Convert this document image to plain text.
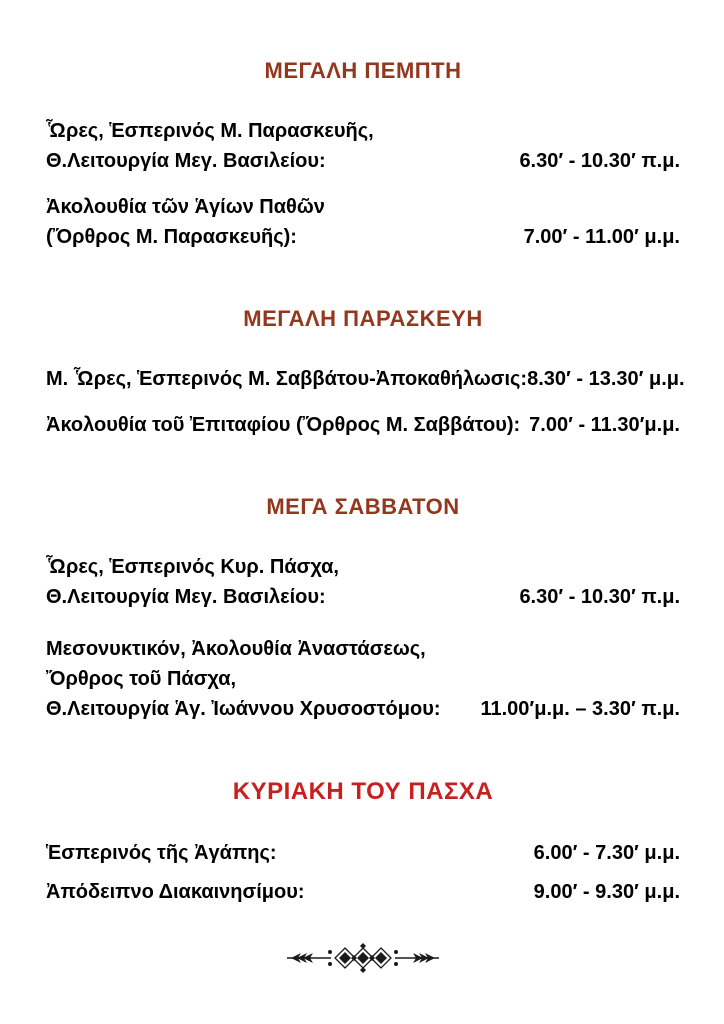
ΜΕΓΑΛΗ ΠΕΜΠΤΗ
Ὧρες, Ἑσπερινός Μ. Παρασκευῆς,
Θ.Λειτουργία Μεγ. Βασιλείου:	6.30′ - 10.30′ π.μ.
Ἀκολουθία τῶν Ἁγίων Παθῶν
(Ὄρθρος Μ. Παρασκευῆς):	7.00′ - 11.00′ μ.μ.
ΜΕΓΑΛΗ ΠΑΡΑΣΚΕΥΗ
Μ. Ὧρες, Ἑσπερινός Μ. Σαββάτου-Ἀποκαθήλωσις: 8.30′ - 13.30′ μ.μ.
Ἀκολουθία τοῦ Ἐπιταφίου (Ὄρθρος Μ. Σαββάτου): 7.00′ - 11.30′μ.μ.
ΜΕΓΑ ΣΑΒΒΑΤΟΝ
Ὧρες, Ἑσπερινός Κυρ. Πάσχα,
Θ.Λειτουργία Μεγ. Βασιλείου:	6.30′ - 10.30′ π.μ.
Μεσονυκτικόν, Ἀκολουθία Ἀναστάσεως,
Ὄρθρος τοῦ Πάσχα,
Θ.Λειτουργία Ἁγ. Ἰωάννου Χρυσοστόμου: 11.00′μ.μ. – 3.30′ π.μ.
ΚΥΡΙΑΚΗ ΤΟΥ ΠΑΣΧΑ
Ἑσπερινός τῆς Ἀγάπης:	6.00′ - 7.30′ μ.μ.
Ἀπόδειπνο Διακαινησίμου:	9.00′ - 9.30′ μ.μ.
